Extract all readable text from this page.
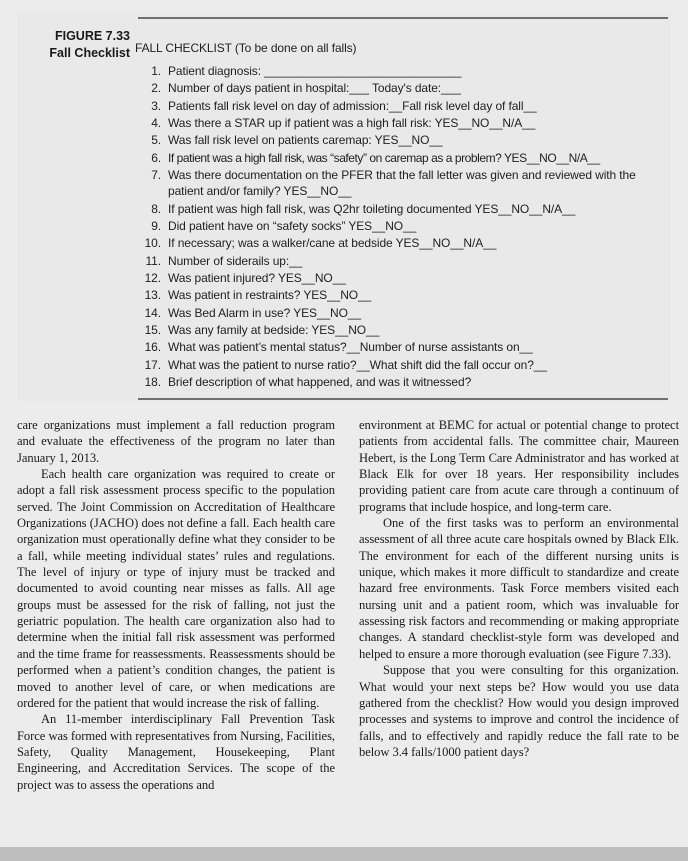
FIGURE 7.33
Fall Checklist FALL CHECKLIST (To be done on all falls)
1. Patient diagnosis: ______________________________
2. Number of days patient in hospital:___ Today's date:___
3. Patients fall risk level on day of admission:__Fall risk level day of fall__
4. Was there a STAR up if patient was a high fall risk: YES__NO__N/A__
5. Was fall risk level on patients caremap: YES__NO__
6. If patient was a high fall risk, was “safety” on caremap as a problem? YES__NO__N/A__
7. Was there documentation on the PFER that the fall letter was given and reviewed with the patient and/or family? YES__NO__
8. If patient was high fall risk, was Q2hr toileting documented YES__NO__N/A__
9. Did patient have on “safety socks” YES__NO__
10. If necessary; was a walker/cane at bedside YES__NO__N/A__
11. Number of siderails up:__
12. Was patient injured? YES__NO__
13. Was patient in restraints? YES__NO__
14. Was Bed Alarm in use? YES__NO__
15. Was any family at bedside: YES__NO__
16. What was patient’s mental status?__Number of nurse assistants on__
17. What was the patient to nurse ratio?__What shift did the fall occur on?__
18. Brief description of what happened, and was it witnessed?

care organizations must implement a fall reduction program and evaluate the effectiveness of the program no later than January 1, 2013.

Each health care organization was required to create or adopt a fall risk assessment process specific to the population served. The Joint Commission on Accreditation of Healthcare Organizations (JACHO) does not define a fall. Each health care organization must operationally define what they consider to be a fall, while meeting individual states’ rules and regulations. The level of injury or type of injury must be tracked and documented to avoid counting near misses as falls. All age groups must be assessed for the risk of falling, not just the geriatric population. The health care organization also had to determine when the initial fall risk assessment was performed and the time frame for reassessments. Reassessments should be performed when a patient’s condition changes, the patient is moved to another level of care, or when medications are ordered for the patient that would increase the risk of falling.

An 11-member interdisciplinary Fall Prevention Task Force was formed with representatives from Nursing, Facilities, Safety, Quality Management, Housekeeping, Plant Engineering, and Accreditation Services. The scope of the project was to assess the operations and

environment at BEMC for actual or potential change to protect patients from accidental falls. The committee chair, Maureen Hebert, is the Long Term Care Administrator and has worked at Black Elk for over 18 years. Her responsibility includes providing patient care from acute care through a continuum of programs that include hospice, and long-term care.

One of the first tasks was to perform an environmental assessment of all three acute care hospitals owned by Black Elk. The environment for each of the different nursing units is unique, which makes it more difficult to standardize and create hazard free environments. Task Force members visited each nursing unit and a patient room, which was invaluable for assessing risk factors and recommending or making appropriate changes. A standard checklist-style form was developed and helped to ensure a more thorough evaluation (see Figure 7.33).

Suppose that you were consulting for this organization. What would your next steps be? How would you use data gathered from the checklist? How would you design improved processes and systems to improve and control the incidence of falls, and to effectively and rapidly reduce the fall rate to be below 3.4 falls/1000 patient days?
